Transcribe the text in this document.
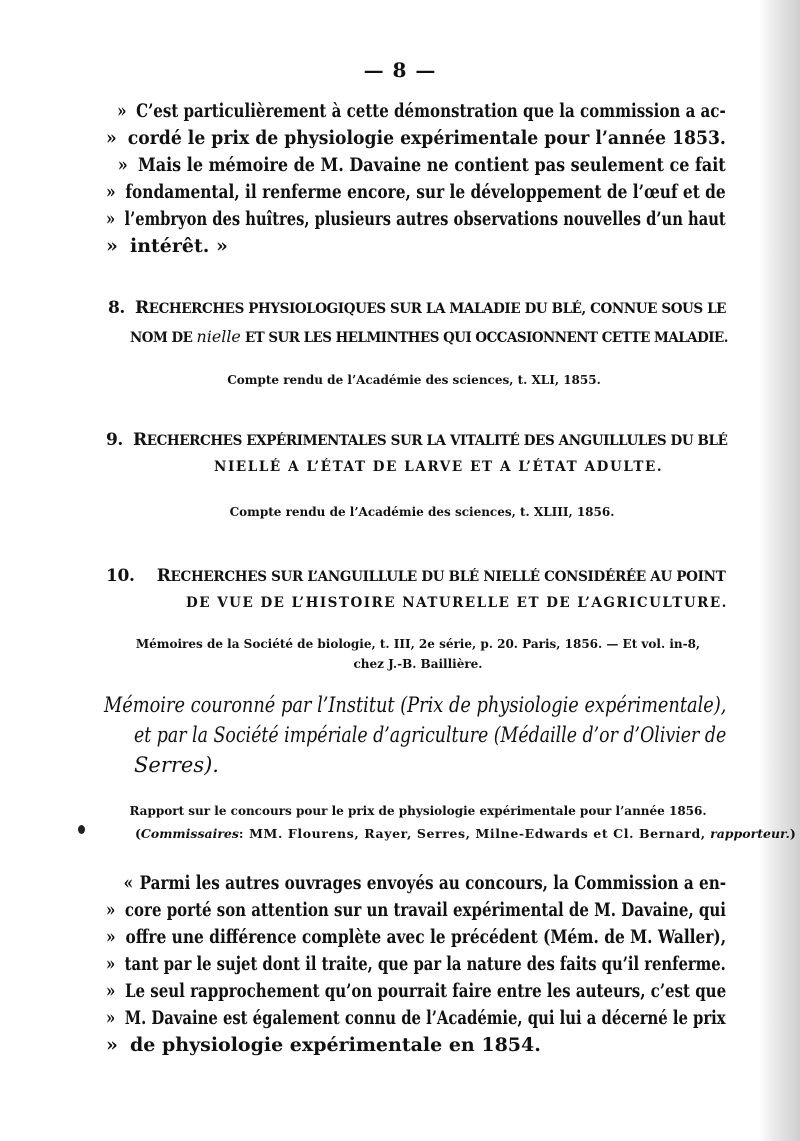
— 8 —
» C’est particulièrement à cette démonstration que la commission a ac-
» cordé le prix de physiologie expérimentale pour l’année 1853.
» Mais le mémoire de M. Davaine ne contient pas seulement ce fait
» fondamental, il renferme encore, sur le développement de l’œuf et de
» l’embryon des huîtres, plusieurs autres observations nouvelles d’un haut
» intérêt. »
8. RECHERCHES PHYSIOLOGIQUES SUR LA MALADIE DU BLÉ, CONNUE SOUS LE
NOM DE nielle ET SUR LES HELMINTHES QUI OCCASIONNENT CETTE MALADIE.
Compte rendu de l’Académie des sciences, t. XLI, 1855.
9. RECHERCHES EXPÉRIMENTALES SUR LA VITALITÉ DES ANGUILLULES DU BLÉ
NIELLÉ A L’ÉTAT DE LARVE ET A L’ÉTAT ADULTE.
Compte rendu de l’Académie des sciences, t. XLIII, 1856.
10. RECHERCHES SUR L’ANGUILLULE DU BLÉ NIELLÉ CONSIDÉRÉE AU POINT
DE VUE DE L’HISTOIRE NATURELLE ET DE L’AGRICULTURE.
Mémoires de la Société de biologie, t. III, 2e série, p. 20. Paris, 1856. — Et vol. in-8,
chez J.-B. Baillière.
Mémoire couronné par l’Institut (Prix de physiologie expérimentale),
et par la Société impériale d’agriculture (Médaille d’or d’Olivier de
Serres).
Rapport sur le concours pour le prix de physiologie expérimentale pour l’année 1856.
(Commissaires: MM. Flourens, Rayer, Serres, Milne-Edwards et Cl. Bernard, rapporteur.)
« Parmi les autres ouvrages envoyés au concours, la Commission a en-
» core porté son attention sur un travail expérimental de M. Davaine, qui
» offre une différence complète avec le précédent (Mém. de M. Waller),
» tant par le sujet dont il traite, que par la nature des faits qu’il renferme.
» Le seul rapprochement qu’on pourrait faire entre les auteurs, c’est que
» M. Davaine est également connu de l’Académie, qui lui a décerné le prix
» de physiologie expérimentale en 1854.
